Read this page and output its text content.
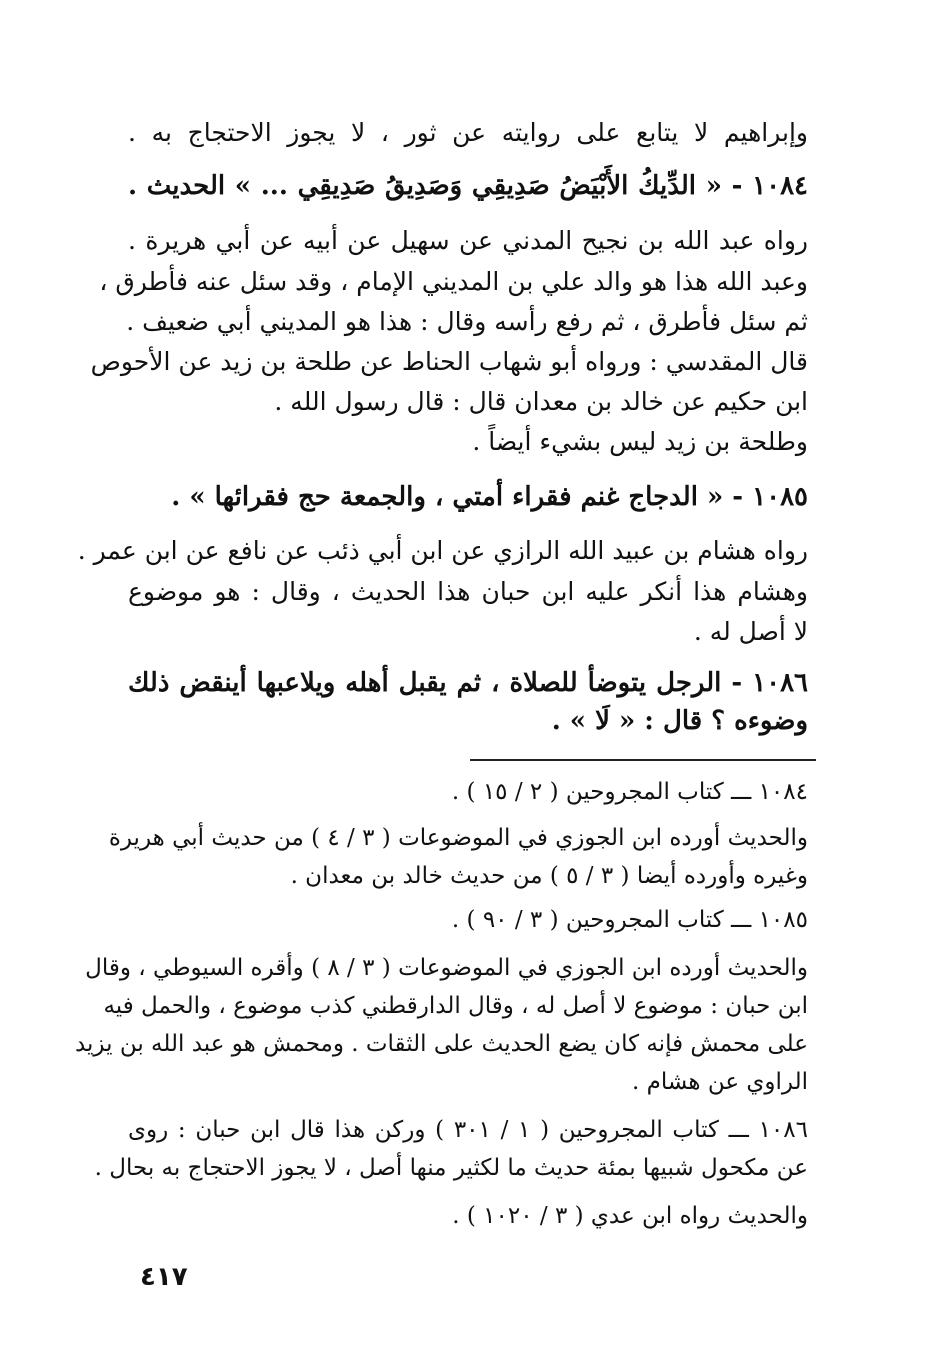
وإبراهيم لا يتابع على روايته عن ثور ، لا يجوز الاحتجاج به .
١٠٨٤ - « الدِّيكُ الأَبْيَضُ صَدِيقِي وَصَدِيقُ صَدِيقِي ... » الحديث .
رواه عبد الله بن نجيح المدني عن سهيل عن أبيه عن أبي هريرة .
وعبد الله هذا هو والد علي بن المديني الإمام ، وقد سئل عنه فأطرق ،
ثم سئل فأطرق ، ثم رفع رأسه وقال : هذا هو المديني أبي ضعيف .
قال المقدسي : ورواه أبو شهاب الحناط عن طلحة بن زيد عن الأحوص
ابن حكيم عن خالد بن معدان قال : قال رسول الله .
وطلحة بن زيد ليس بشيء أيضاً .
١٠٨٥ - « الدجاج غنم فقراء أمتي ، والجمعة حج فقرائها » .
رواه هشام بن عبيد الله الرازي عن ابن أبي ذئب عن نافع عن ابن عمر .
وهشام هذا أنكر عليه ابن حبان هذا الحديث ، وقال : هو موضوع
لا أصل له .
١٠٨٦ - الرجل يتوضأ للصلاة ، ثم يقبل أهله ويلاعبها أينقض ذلك
وضوءه ؟ قال : « لَا » .
١٠٨٤ ـــ كتاب المجروحين ( ٢ / ١٥ ) .
والحديث أورده ابن الجوزي في الموضوعات ( ٣ / ٤ ) من حديث أبي هريرة
وغيره وأورده أيضا ( ٣ / ٥ ) من حديث خالد بن معدان .
١٠٨٥ ـــ كتاب المجروحين ( ٣ / ٩٠ ) .
والحديث أورده ابن الجوزي في الموضوعات ( ٣ / ٨ ) وأقره السيوطي ، وقال
ابن حبان : موضوع لا أصل له ، وقال الدارقطني كذب موضوع ، والحمل فيه
على محمش فإنه كان يضع الحديث على الثقات . ومحمش هو عبد الله بن يزيد
الراوي عن هشام .
١٠٨٦ ـــ كتاب المجروحين ( ١ / ٣٠١ ) وركن هذا قال ابن حبان : روى
عن مكحول شبيها بمئة حديث ما لكثير منها أصل ، لا يجوز الاحتجاج به بحال .
والحديث رواه ابن عدي ( ٣ / ١٠٢٠ ) .
٤١٧
